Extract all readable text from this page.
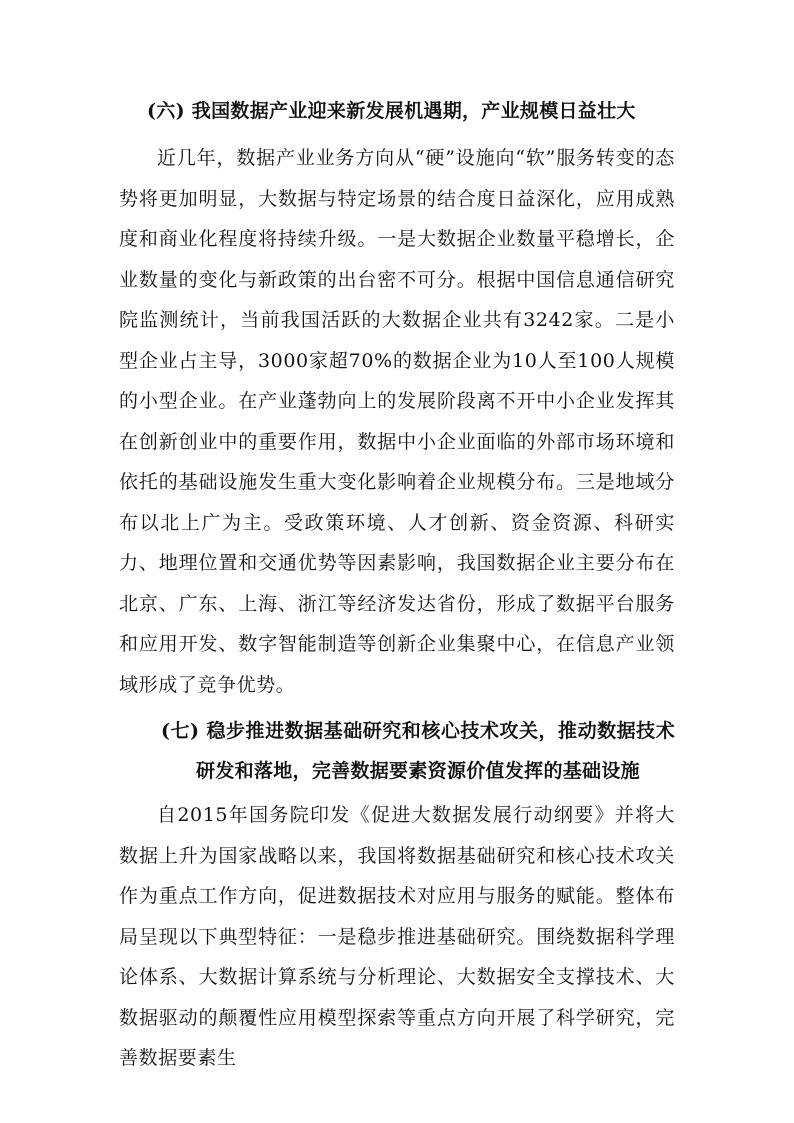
(六) 我国数据产业迎来新发展机遇期，产业规模日益壮大

近几年，数据产业业务方向从“硬”设施向“软”服务转变的态势将更加明显，大数据与特定场景的结合度日益深化，应用成熟度和商业化程度将持续升级。一是大数据企业数量平稳增长，企业数量的变化与新政策的出台密不可分。根据中国信息通信研究院监测统计，当前我国活跃的大数据企业共有3242家。二是小型企业占主导，3000家超70%的数据企业为10人至100人规模的小型企业。在产业蓬勃向上的发展阶段离不开中小企业发挥其在创新创业中的重要作用，数据中小企业面临的外部市场环境和依托的基础设施发生重大变化影响着企业规模分布。三是地域分布以北上广为主。受政策环境、人才创新、资金资源、科研实力、地理位置和交通优势等因素影响，我国数据企业主要分布在北京、广东、上海、浙江等经济发达省份，形成了数据平台服务和应用开发、数字智能制造等创新企业集聚中心，在信息产业领域形成了竞争优势。

(七) 稳步推进数据基础研究和核心技术攻关，推动数据技术研发和落地，完善数据要素资源价值发挥的基础设施

自2015年国务院印发《促进大数据发展行动纲要》并将大数据上升为国家战略以来，我国将数据基础研究和核心技术攻关作为重点工作方向，促进数据技术对应用与服务的赋能。整体布局呈现以下典型特征：一是稳步推进基础研究。围绕数据科学理论体系、大数据计算系统与分析理论、大数据安全支撑技术、大数据驱动的颠覆性应用模型探索等重点方向开展了科学研究，完善数据要素生
